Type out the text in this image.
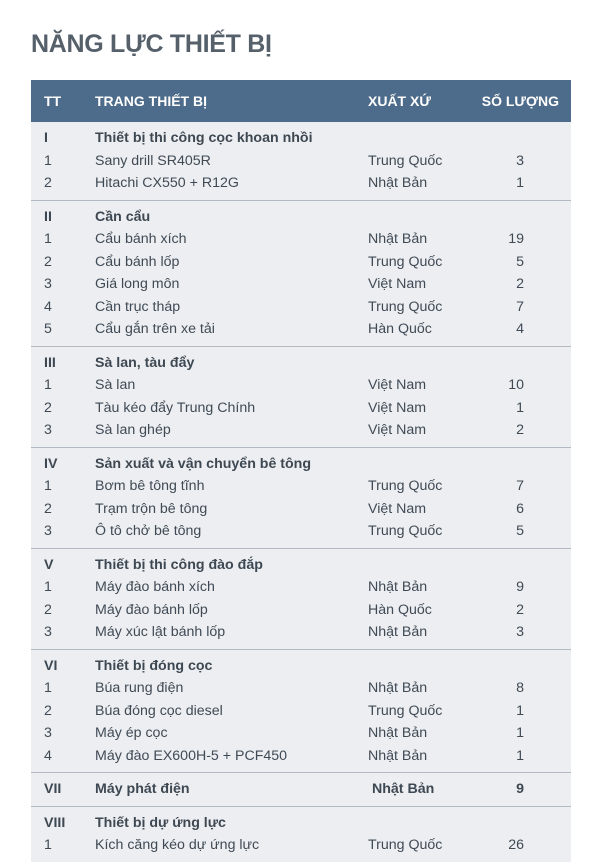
NĂNG LỰC THIẾT BỊ
TT TRANG THIẾT BỊ	XUẤT XỨ	SỐ LƯỢNG
I	Thiết bị thi công cọc khoan nhồi
1	Sany drill SR405R	Trung Quốc	3
2	Hitachi CX550 + R12G	Nhật Bản	1
II	Cần cẩu
1	Cẩu bánh xích	Nhật Bản	19
2	Cẩu bánh lốp	Trung Quốc	5
3	Giá long môn	Việt Nam	2
4	Cần trục tháp	Trung Quốc	7
5	Cẩu gắn trên xe tải	Hàn Quốc	4
III	Sà lan, tàu đẩy
1	Sà lan	Việt Nam	10
2	Tàu kéo đẩy Trung Chính	Việt Nam	1
3	Sà lan ghép	Việt Nam	2
IV	Sản xuất và vận chuyển bê tông
1	Bơm bê tông tĩnh	Trung Quốc	7
2	Trạm trộn bê tông	Việt Nam	6
3	Ô tô chở bê tông	Trung Quốc	5
V	Thiết bị thi công đào đắp
1	Máy đào bánh xích	Nhật Bản	9
2	Máy đào bánh lốp	Hàn Quốc	2
3	Máy xúc lật bánh lốp	Nhật Bản	3
VI	Thiết bị đóng cọc
1	Búa rung điện	Nhật Bản	8
2	Búa đóng cọc diesel	Trung Quốc	1
3	Máy ép cọc	Nhật Bản	1
4	Máy đào EX600H-5 + PCF450	Nhật Bản	1
VII Máy phát điện	Nhật Bản	9
VIII Thiết bị dự ứng lực
1	Kích căng kéo dự ứng lực	Trung Quốc	26
